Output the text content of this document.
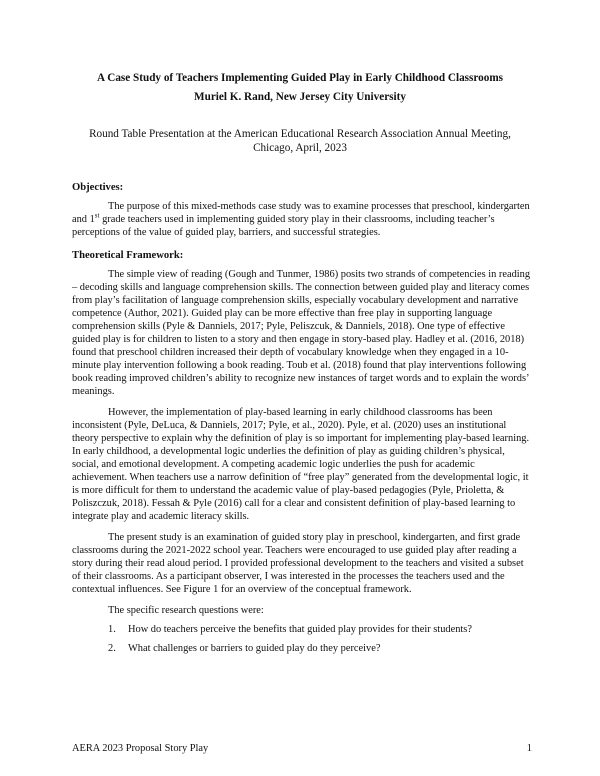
A Case Study of Teachers Implementing Guided Play in Early Childhood Classrooms
Muriel K. Rand, New Jersey City University
Round Table Presentation at the American Educational Research Association Annual Meeting,
Chicago, April, 2023
Objectives:

The purpose of this mixed-methods case study was to examine processes that preschool, kindergarten and 1st grade teachers used in implementing guided story play in their classrooms, including teacher’s perceptions of the value of guided play, barriers, and successful strategies.

Theoretical Framework:

The simple view of reading (Gough and Tunmer, 1986) posits two strands of competencies in reading – decoding skills and language comprehension skills. The connection between guided play and literacy comes from play’s facilitation of language comprehension skills, especially vocabulary development and narrative competence (Author, 2021). Guided play can be more effective than free play in supporting language comprehension skills (Pyle & Danniels, 2017; Pyle, Peliszcuk, & Danniels, 2018). One type of effective guided play is for children to listen to a story and then engage in story-based play. Hadley et al. (2016, 2018) found that preschool children increased their depth of vocabulary knowledge when they engaged in a 10-minute play intervention following a book reading. Toub et al. (2018) found that play interventions following book reading improved children’s ability to recognize new instances of target words and to explain the words’ meanings.

However, the implementation of play-based learning in early childhood classrooms has been inconsistent (Pyle, DeLuca, & Danniels, 2017; Pyle, et al., 2020). Pyle, et al. (2020) uses an institutional theory perspective to explain why the definition of play is so important for implementing play-based learning. In early childhood, a developmental logic underlies the definition of play as guiding children’s physical, social, and emotional development. A competing academic logic underlies the push for academic achievement. When teachers use a narrow definition of “free play” generated from the developmental logic, it is more difficult for them to understand the academic value of play-based pedagogies (Pyle, Prioletta, & Poliszczuk, 2018). Fessah & Pyle (2016) call for a clear and consistent definition of play-based learning to integrate play and academic literacy skills.

The present study is an examination of guided story play in preschool, kindergarten, and first grade classrooms during the 2021-2022 school year. Teachers were encouraged to use guided play after reading a story during their read aloud period. I provided professional development to the teachers and visited a subset of their classrooms. As a participant observer, I was interested in the processes the teachers used and the contextual influences. See Figure 1 for an overview of the conceptual framework.

The specific research questions were:

1.	How do teachers perceive the benefits that guided play provides for their students?
2.	What challenges or barriers to guided play do they perceive?
AERA 2023 Proposal Story Play	1
